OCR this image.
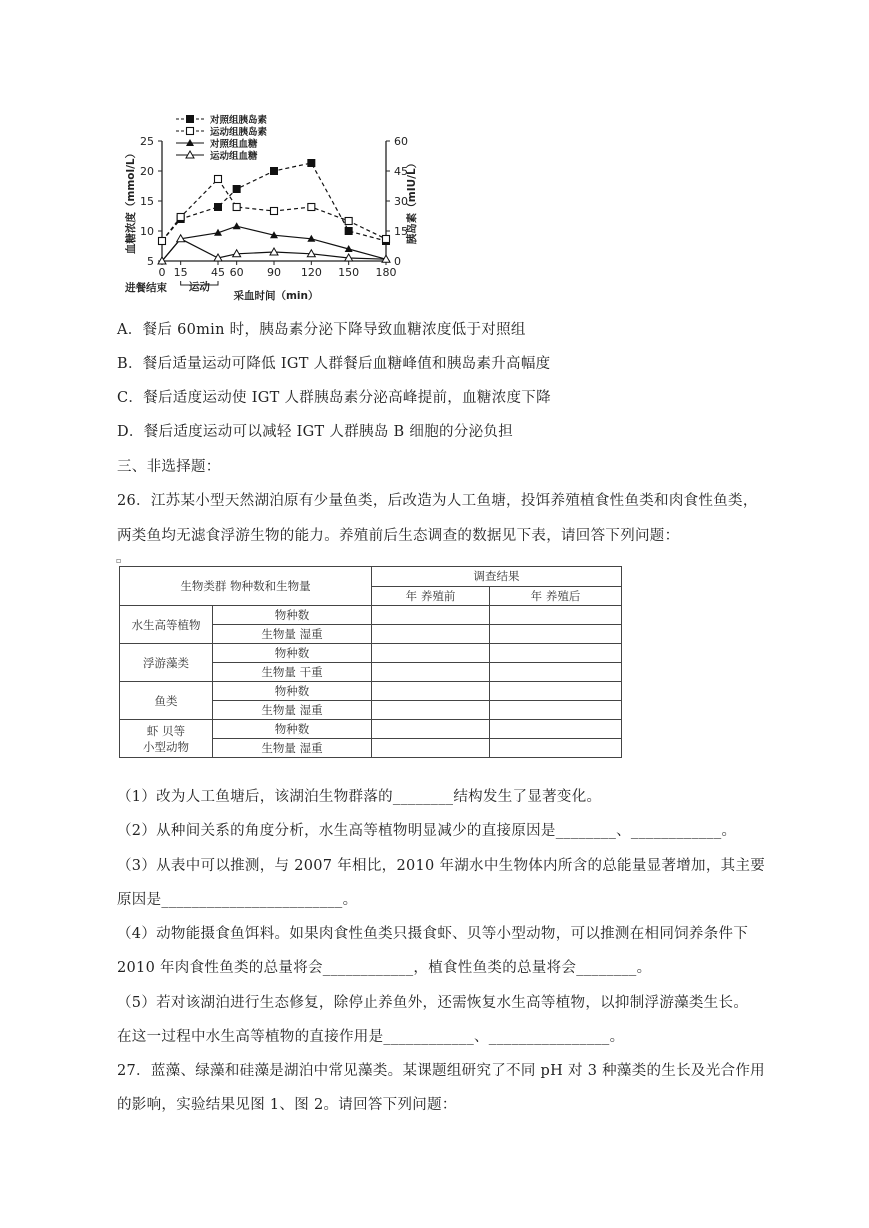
对照组胰岛素
运动组胰岛素
对照组血糖
运动组血糖
5
10
15
20
25
0
15
30
45
60
0 15 45 60 90 120 150 180
血糖浓度（mmol/L）	胰岛素（mIU/L）
采血时间（min）
进餐结束 运动
A．餐后 60min 时，胰岛素分泌下降导致血糖浓度低于对照组
B．餐后适量运动可降低 IGT 人群餐后血糖峰值和胰岛素升高幅度
C．餐后适度运动使 IGT 人群胰岛素分泌高峰提前，血糖浓度下降
D．餐后适度运动可以减轻 IGT 人群胰岛 B 细胞的分泌负担
三、非选择题：
26．江苏某小型天然湖泊原有少量鱼类，后改造为人工鱼塘，投饵养殖植食性鱼类和肉食性鱼类，
两类鱼均无滤食浮游生物的能力。养殖前后生态调查的数据见下表，请回答下列问题：
▫
生物类群 物种数和生物量		调查结果	
		年 养殖前	年 养殖后
水生高等植物	物种数		
	生物量 湿重		
浮游藻类	物种数		
	生物量 干重		
鱼类	物种数		
	生物量 湿重		

虾 贝等
小型动物	物种数		
	生物量 湿重		
（1）改为人工鱼塘后，该湖泊生物群落的________结构发生了显著变化。
（2）从种间关系的角度分析，水生高等植物明显减少的直接原因是________、____________。
（3）从表中可以推测，与 2007 年相比，2010 年湖水中生物体内所含的总能量显著增加，其主要
原因是________________________。
（4）动物能摄食鱼饵料。如果肉食性鱼类只摄食虾、贝等小型动物，可以推测在相同饲养条件下
2010 年肉食性鱼类的总量将会____________，植食性鱼类的总量将会________。
（5）若对该湖泊进行生态修复，除停止养鱼外，还需恢复水生高等植物，以抑制浮游藻类生长。
在这一过程中水生高等植物的直接作用是____________、________________。
27．蓝藻、绿藻和硅藻是湖泊中常见藻类。某课题组研究了不同 pH 对 3 种藻类的生长及光合作用
的影响，实验结果见图 1、图 2。请回答下列问题：
